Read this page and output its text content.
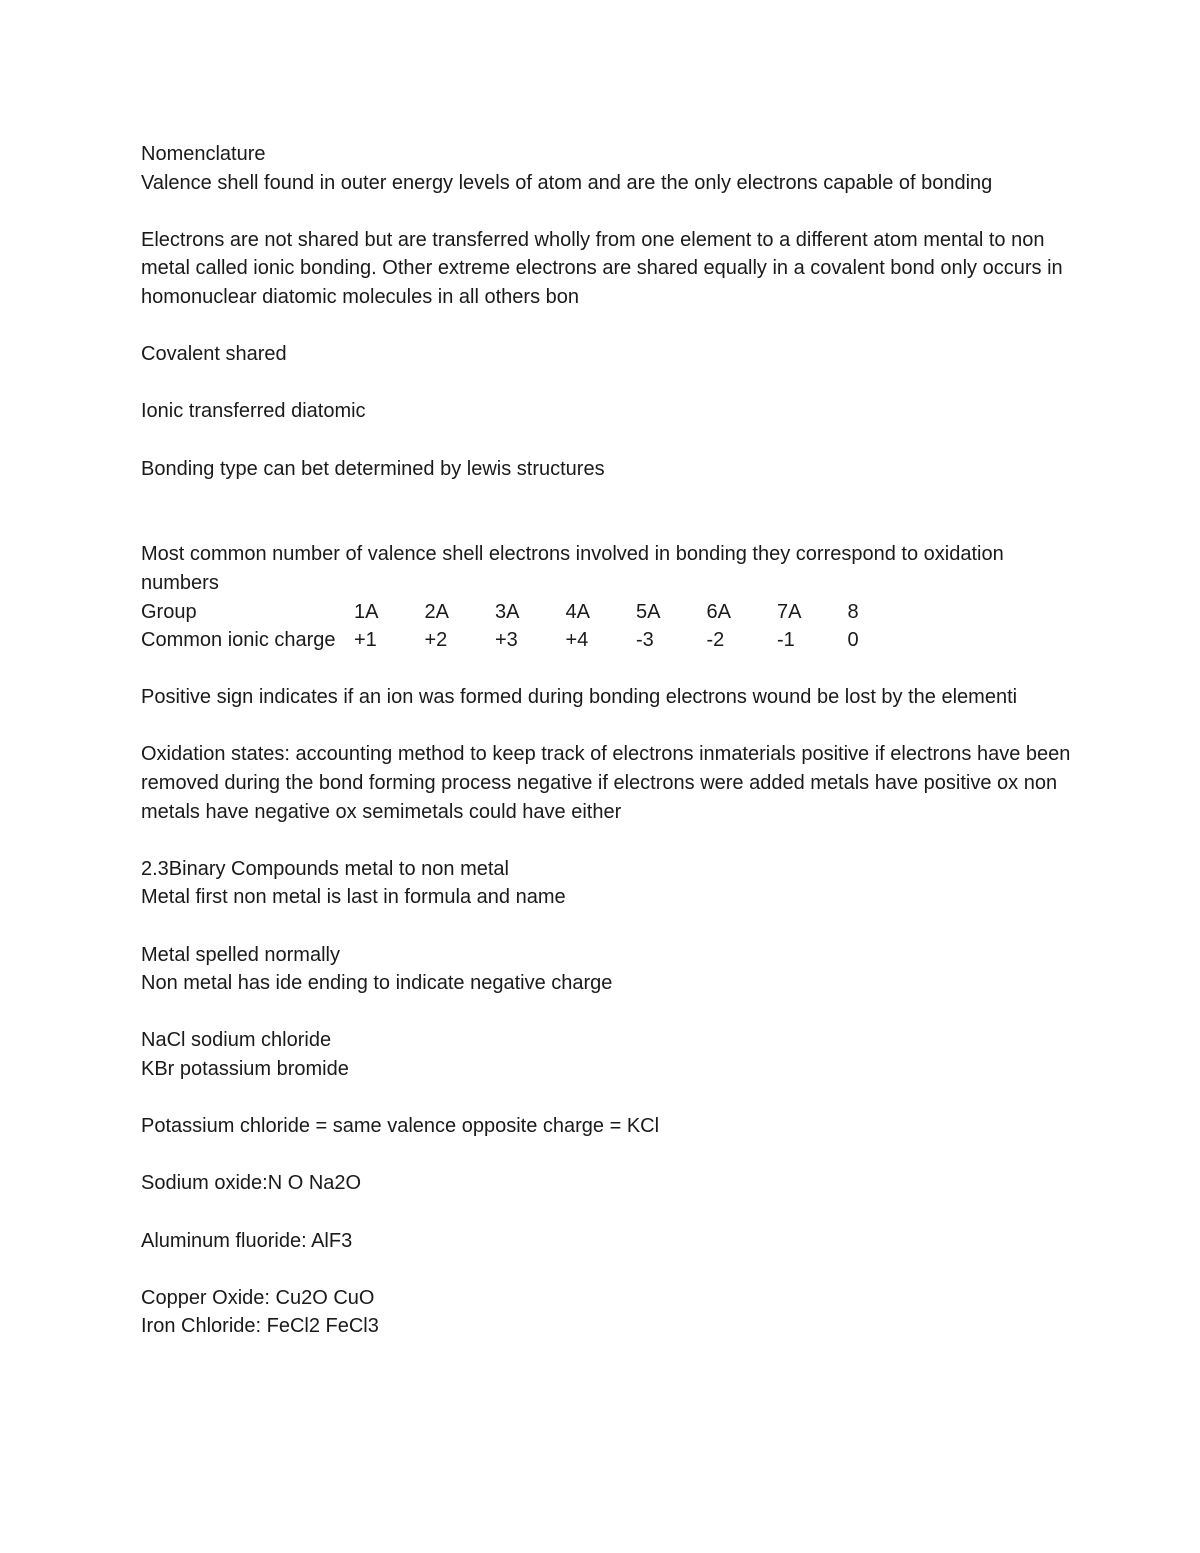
Nomenclature
Valence shell found in outer energy levels of atom and are the only electrons capable of bonding
Electrons are not shared but are transferred wholly from one element to a different atom mental to non metal called ionic bonding. Other extreme electrons are shared equally in a covalent bond only occurs in homonuclear diatomic molecules in all others bon
Covalent shared
Ionic transferred diatomic
Bonding type can bet determined by lewis structures
Most common number of valence shell electrons involved in bonding they correspond to oxidation numbers
Group	1A	2A	3A	4A	5A	6A	7A	8
Common ionic charge	+1	+2	+3	+4	-3	-2	-1	0
Positive sign indicates if an ion was formed during bonding electrons wound be lost by the elementi
Oxidation states: accounting method to keep track of electrons inmaterials positive if electrons have been removed during the bond forming process negative if electrons were added metals have positive ox non metals have negative ox semimetals could have either
2.3Binary Compounds metal to non metal
Metal first non metal is last in formula and name
Metal spelled normally
Non metal has ide ending to indicate negative charge
NaCl sodium chloride
KBr potassium bromide
Potassium chloride = same valence opposite charge = KCl
Sodium oxide:N O Na2O
Aluminum fluoride: AlF3
Copper Oxide: Cu2O CuO
Iron Chloride: FeCl2 FeCl3
